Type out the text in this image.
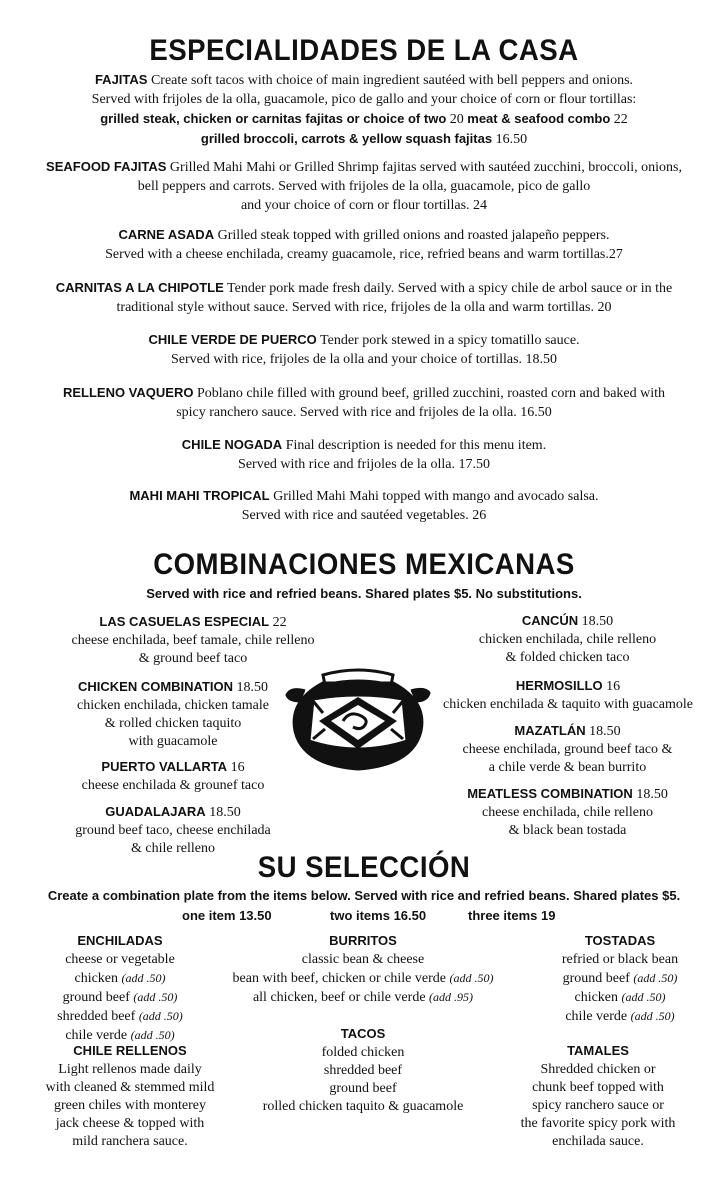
ESPECIALIDADES DE LA CASA

FAJITAS Create soft tacos with choice of main ingredient sautéed with bell peppers and onions.

Served with frijoles de la olla, guacamole, pico de gallo and your choice of corn or flour tortillas:

grilled steak, chicken or carnitas fajitas or choice of two 20 meat & seafood combo 22

grilled broccoli, carrots & yellow squash fajitas 16.50

SEAFOOD FAJITAS Grilled Mahi Mahi or Grilled Shrimp fajitas served with sautéed zucchini, broccoli, onions,

bell peppers and carrots. Served with frijoles de la olla, guacamole, pico de gallo

and your choice of corn or flour tortillas. 24

CARNE ASADA Grilled steak topped with grilled onions and roasted jalapeño peppers.

Served with a cheese enchilada, creamy guacamole, rice, refried beans and warm tortillas.27

CARNITAS A LA CHIPOTLE Tender pork made fresh daily. Served with a spicy chile de arbol sauce or in the

traditional style without sauce. Served with rice, frijoles de la olla and warm tortillas. 20

CHILE VERDE DE PUERCO Tender pork stewed in a spicy tomatillo sauce.

Served with rice, frijoles de la olla and your choice of tortillas. 18.50

RELLENO VAQUERO Poblano chile filled with ground beef, grilled zucchini, roasted corn and baked with

spicy ranchero sauce. Served with rice and frijoles de la olla. 16.50

CHILE NOGADA Final description is needed for this menu item.

Served with rice and frijoles de la olla. 17.50

MAHI MAHI TROPICAL Grilled Mahi Mahi topped with mango and avocado salsa.

Served with rice and sautéed vegetables. 26

COMBINACIONES MEXICANAS

Served with rice and refried beans. Shared plates $5. No substitutions.

LAS CASUELAS ESPECIAL 22

cheese enchilada, beef tamale, chile relleno

& ground beef taco

CHICKEN COMBINATION 18.50

chicken enchilada, chicken tamale

& rolled chicken taquito

with guacamole

PUERTO VALLARTA 16

cheese enchilada & grounef taco

GUADALAJARA 18.50

ground beef taco, cheese enchilada

& chile relleno

CANCÚN 18.50

chicken enchilada, chile relleno

& folded chicken taco

HERMOSILLO 16

chicken enchilada & taquito with guacamole

MAZATLÁN 18.50

cheese enchilada, ground beef taco &

a chile verde & bean burrito

MEATLESS COMBINATION 18.50

cheese enchilada, chile relleno

& black bean tostada

SU SELECCIÓN

Create a combination plate from the items below. Served with rice and refried beans. Shared plates $5.

one item 13.50	two items 16.50	three items 19

ENCHILADAS

cheese or vegetable

chicken (add .50)

ground beef (add .50)

shredded beef (add .50)

chile verde (add .50)

BURRITOS

classic bean & cheese

bean with beef, chicken or chile verde (add .50)

all chicken, beef or chile verde (add .95)

TOSTADAS

refried or black bean

ground beef (add .50)

chicken (add .50)

chile verde (add .50)

CHILE RELLENOS

Light rellenos made daily

with cleaned & stemmed mild

green chiles with monterey

jack cheese & topped with

mild ranchera sauce.

TACOS

folded chicken

shredded beef

ground beef

rolled chicken taquito & guacamole

TAMALES

Shredded chicken or

chunk beef topped with

spicy ranchero sauce or

the favorite spicy pork with

enchilada sauce.
